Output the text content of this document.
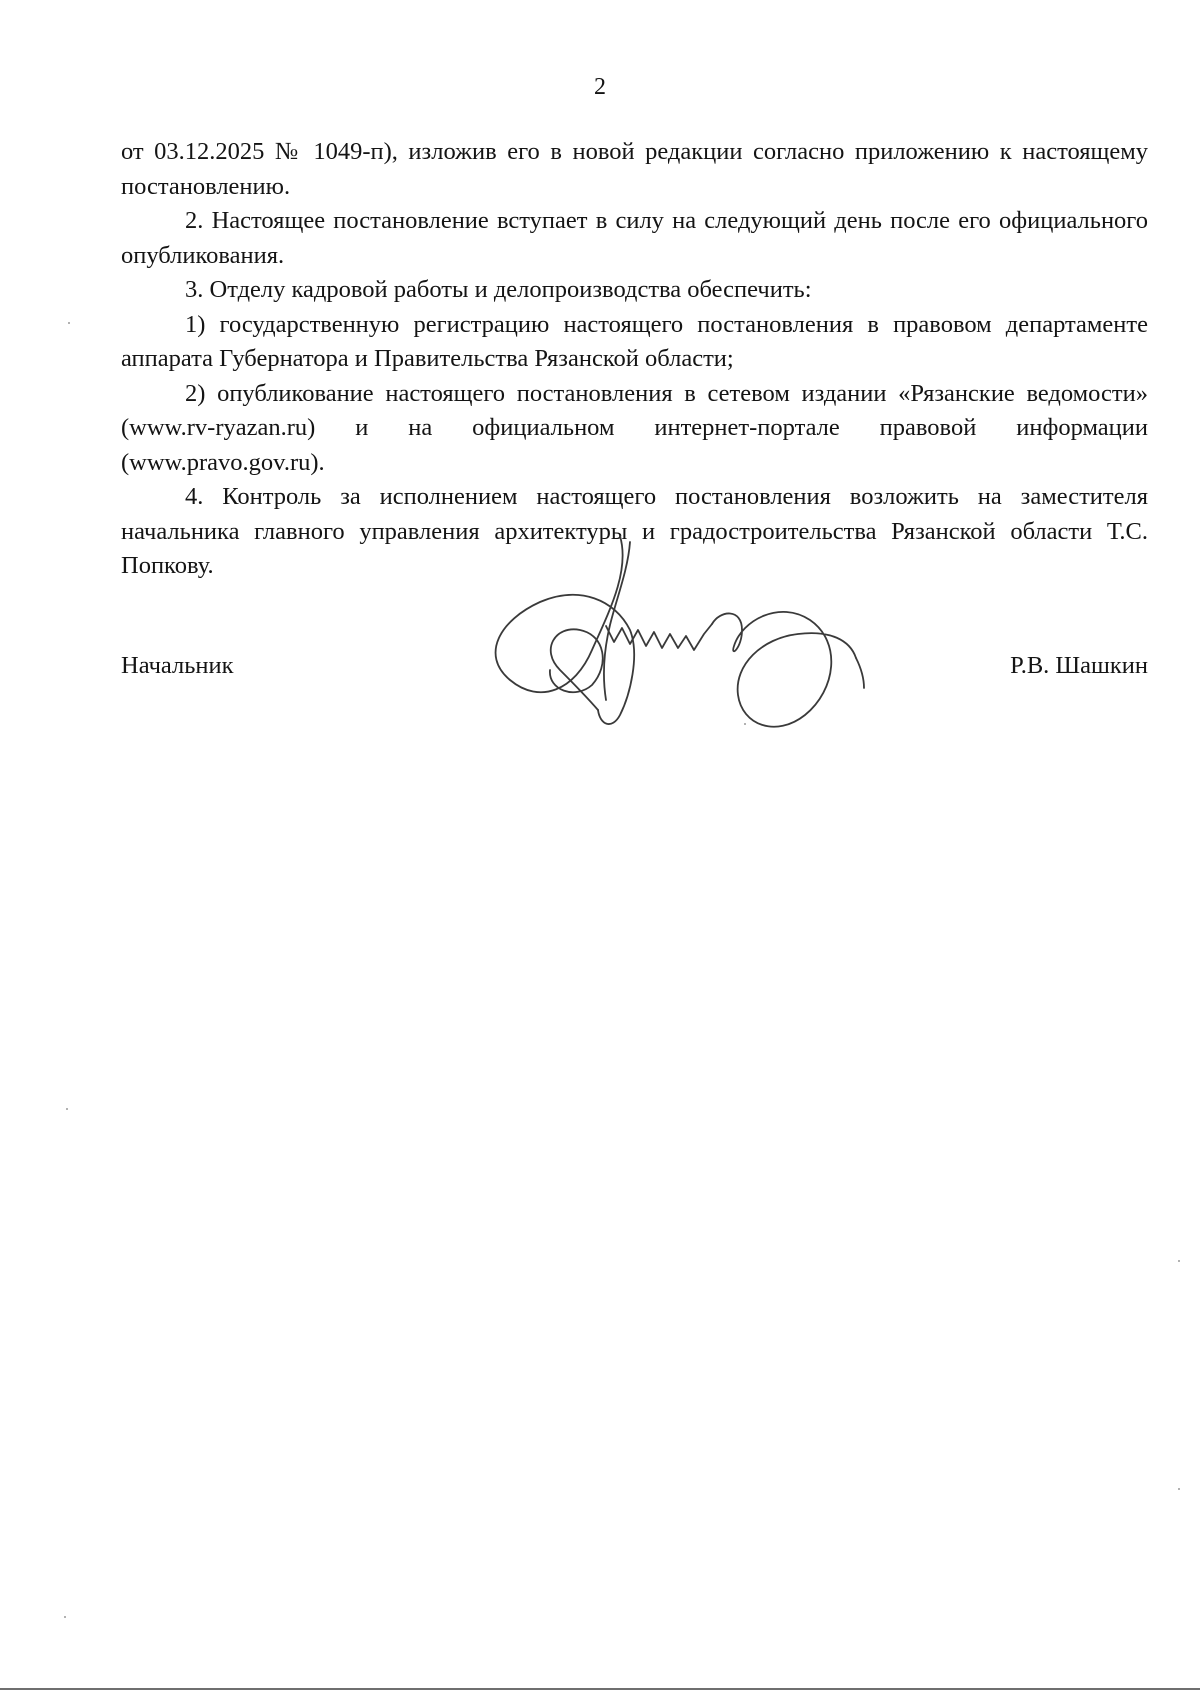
2

от 03.12.2025 № 1049-п), изложив его в новой редакции согласно приложению к настоящему постановлению.

2. Настоящее постановление вступает в силу на следующий день после его официального опубликования.

3. Отделу кадровой работы и делопроизводства обеспечить:

1) государственную регистрацию настоящего постановления в правовом департаменте аппарата Губернатора и Правительства Рязанской области;

2) опубликование настоящего постановления в сетевом издании «Рязанские ведомости» (www.rv-ryazan.ru) и на официальном интернет-портале правовой информации (www.pravo.gov.ru).

4. Контроль за исполнением настоящего постановления возложить на заместителя начальника главного управления архитектуры и градостроительства Рязанской области Т.С. Попкову.

Начальник	Р.В. Шашкин
